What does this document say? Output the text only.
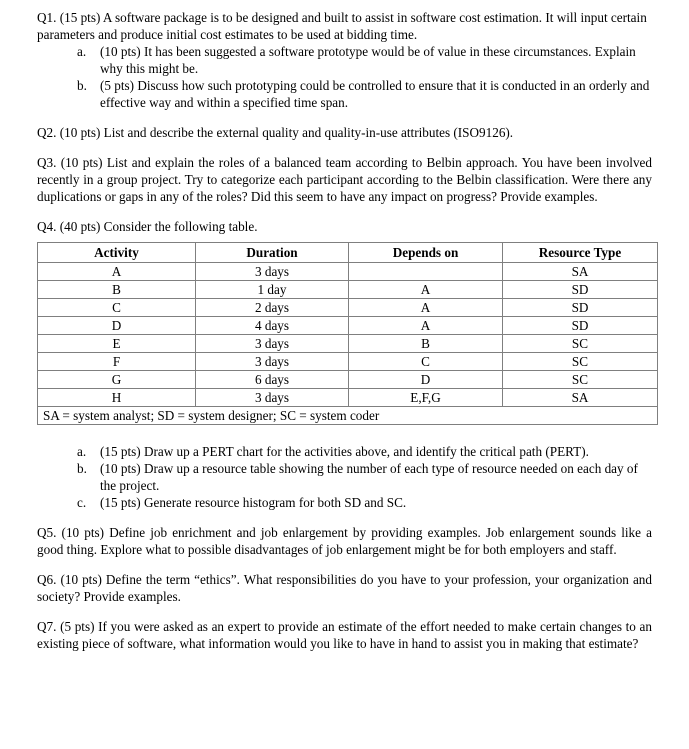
Q1. (15 pts) A software package is to be designed and built to assist in software cost estimation. It will input certain parameters and produce initial cost estimates to be used at bidding time.

a.	(10 pts) It has been suggested a software prototype would be of value in these circumstances. Explain why this might be.
b. (5 pts) Discuss how such prototyping could be controlled to ensure that it is conducted in an orderly and effective way and within a specified time span.

Q2. (10 pts) List and describe the external quality and quality-in-use attributes (ISO9126).

Q3. (10 pts) List and explain the roles of a balanced team according to Belbin approach. You have been involved recently in a group project. Try to categorize each participant according to the Belbin classification. Were there any duplications or gaps in any of the roles? Did this seem to have any impact on progress? Provide examples.

Q4. (40 pts) Consider the following table.

Activity	Duration	Depends on	Resource Type
A	3 days		SA
B	1 day	A	SD
C	2 days	A	SD
D	4 days	A	SD
E	3 days	B	SC
F	3 days	C	SC
G	6 days	D	SC
H	3 days	E,F,G	SA
SA = system analyst; SD = system designer; SC = system coder			
a.	(15 pts) Draw up a PERT chart for the activities above, and identify the critical path (PERT).
b. (10 pts) Draw up a resource table showing the number of each type of resource needed on each day of the project.
c.	(15 pts) Generate resource histogram for both SD and SC.

Q5. (10 pts) Define job enrichment and job enlargement by providing examples. Job enlargement sounds like a good thing. Explore what to possible disadvantages of job enlargement might be for both employers and staff.

Q6. (10 pts) Define the term “ethics”. What responsibilities do you have to your profession, your organization and society? Provide examples.

Q7. (5 pts) If you were asked as an expert to provide an estimate of the effort needed to make certain changes to an existing piece of software, what information would you like to have in hand to assist you in making that estimate?
